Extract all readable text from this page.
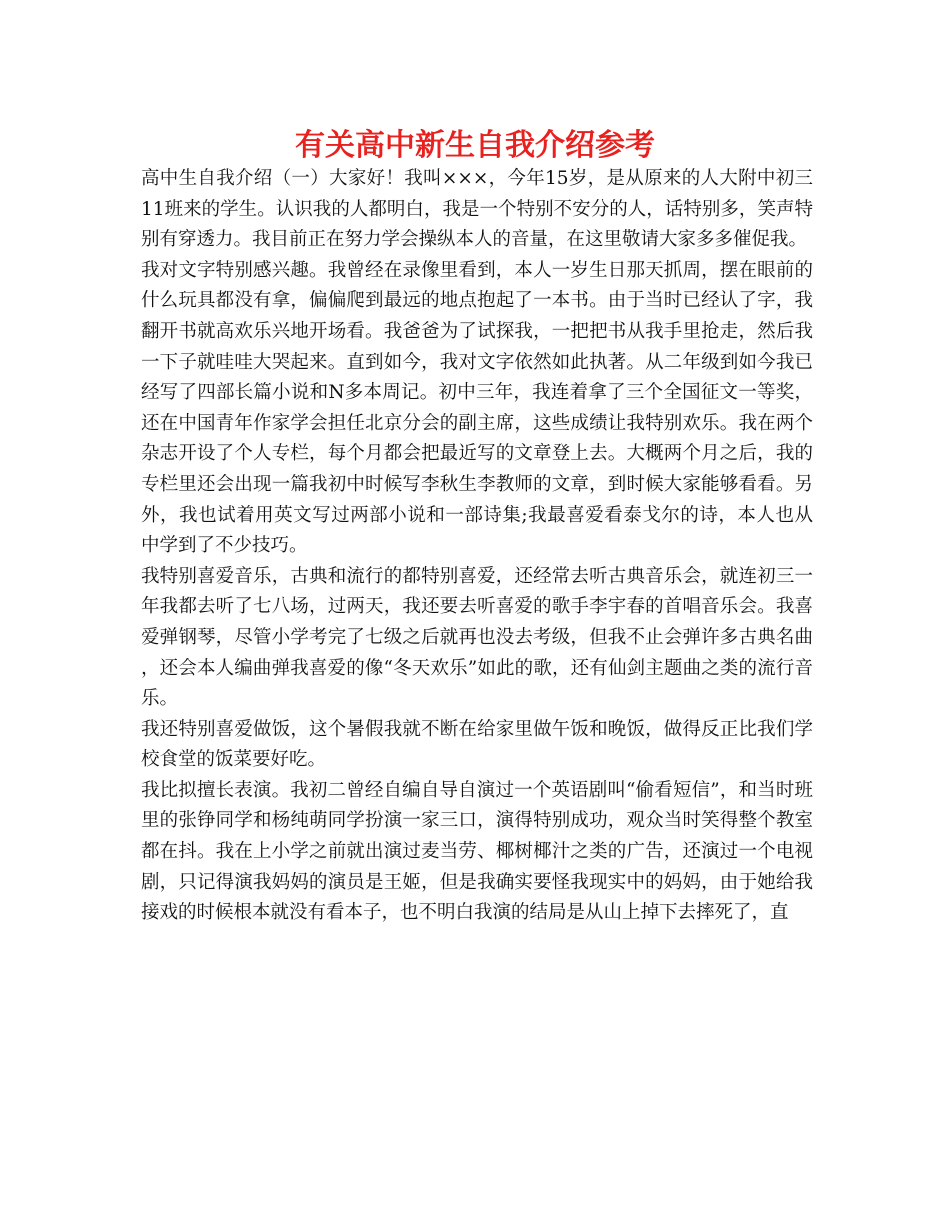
有关高中新生自我介绍参考

高中生自我介绍（一）大家好！我叫×××，今年15岁，是从原来的人大附中初三11班来的学生。认识我的人都明白，我是一个特别不安分的人，话特别多，笑声特别有穿透力。我目前正在努力学会操纵本人的音量，在这里敬请大家多多催促我。

我对文字特别感兴趣。我曾经在录像里看到，本人一岁生日那天抓周，摆在眼前的什么玩具都没有拿，偏偏爬到最远的地点抱起了一本书。由于当时已经认了字，我翻开书就高欢乐兴地开场看。我爸爸为了试探我，一把把书从我手里抢走，然后我一下子就哇哇大哭起来。直到如今，我对文字依然如此执著。从二年级到如今我已经写了四部长篇小说和N多本周记。初中三年，我连着拿了三个全国征文一等奖，还在中国青年作家学会担任北京分会的副主席，这些成绩让我特别欢乐。我在两个杂志开设了个人专栏，每个月都会把最近写的文章登上去。大概两个月之后，我的专栏里还会出现一篇我初中时候写李秋生李教师的文章，到时候大家能够看看。另外，我也试着用英文写过两部小说和一部诗集;我最喜爱看泰戈尔的诗，本人也从中学到了不少技巧。

我特别喜爱音乐，古典和流行的都特别喜爱，还经常去听古典音乐会，就连初三一年我都去听了七八场，过两天，我还要去听喜爱的歌手李宇春的首唱音乐会。我喜爱弹钢琴，尽管小学考完了七级之后就再也没去考级，但我不止会弹许多古典名曲，还会本人编曲弹我喜爱的像“冬天欢乐”如此的歌，还有仙剑主题曲之类的流行音乐。

我还特别喜爱做饭，这个暑假我就不断在给家里做午饭和晚饭，做得反正比我们学校食堂的饭菜要好吃。

我比拟擅长表演。我初二曾经自编自导自演过一个英语剧叫“偷看短信”，和当时班里的张铮同学和杨纯萌同学扮演一家三口，演得特别成功，观众当时笑得整个教室都在抖。我在上小学之前就出演过麦当劳、椰树椰汁之类的广告，还演过一个电视剧，只记得演我妈妈的演员是王姬，但是我确实要怪我现实中的妈妈，由于她给我接戏的时候根本就没有看本子，也不明白我演的结局是从山上掉下去摔死了，直
